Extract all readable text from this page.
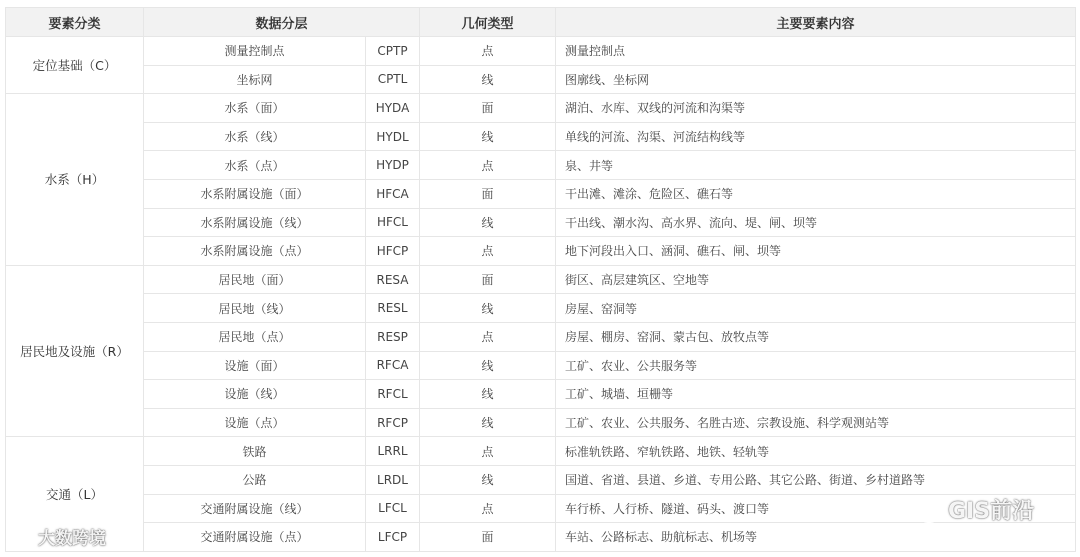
要素分类	数据分层		几何类型	主要要素内容
定位基础（C）	测量控制点	CPTP	点	测量控制点
	坐标网	CPTL	线	图廓线、坐标网
水系（H）	水系（面）	HYDA	面	湖泊、水库、双线的河流和沟渠等
	水系（线）	HYDL	线	单线的河流、沟渠、河流结构线等
	水系（点）	HYDP	点	泉、井等
	水系附属设施（面）	HFCA	面	干出滩、滩涂、危险区、礁石等
	水系附属设施（线）	HFCL	线	干出线、潮水沟、高水界、流向、堤、闸、坝等
	水系附属设施（点）	HFCP	点	地下河段出入口、涵洞、礁石、闸、坝等
居民地及设施（R）	居民地（面）	RESA	面	街区、高层建筑区、空地等
	居民地（线）	RESL	线	房屋、窑洞等
	居民地（点）	RESP	点	房屋、棚房、窑洞、蒙古包、放牧点等
	设施（面）	RFCA	线	工矿、农业、公共服务等
	设施（线）	RFCL	线	工矿、城墙、垣栅等
	设施（点）	RFCP	线	工矿、农业、公共服务、名胜古迹、宗教设施、科学观测站等
交通（L）	铁路	LRRL	点	标准轨铁路、窄轨铁路、地铁、轻轨等
	公路	LRDL	线	国道、省道、县道、乡道、专用公路、其它公路、街道、乡村道路等
	交通附属设施（线）	LFCL	点	车行桥、人行桥、隧道、码头、渡口等
	交通附属设施（点）	LFCP	面	车站、公路标志、助航标志、机场等
大数跨境
GIS前沿
